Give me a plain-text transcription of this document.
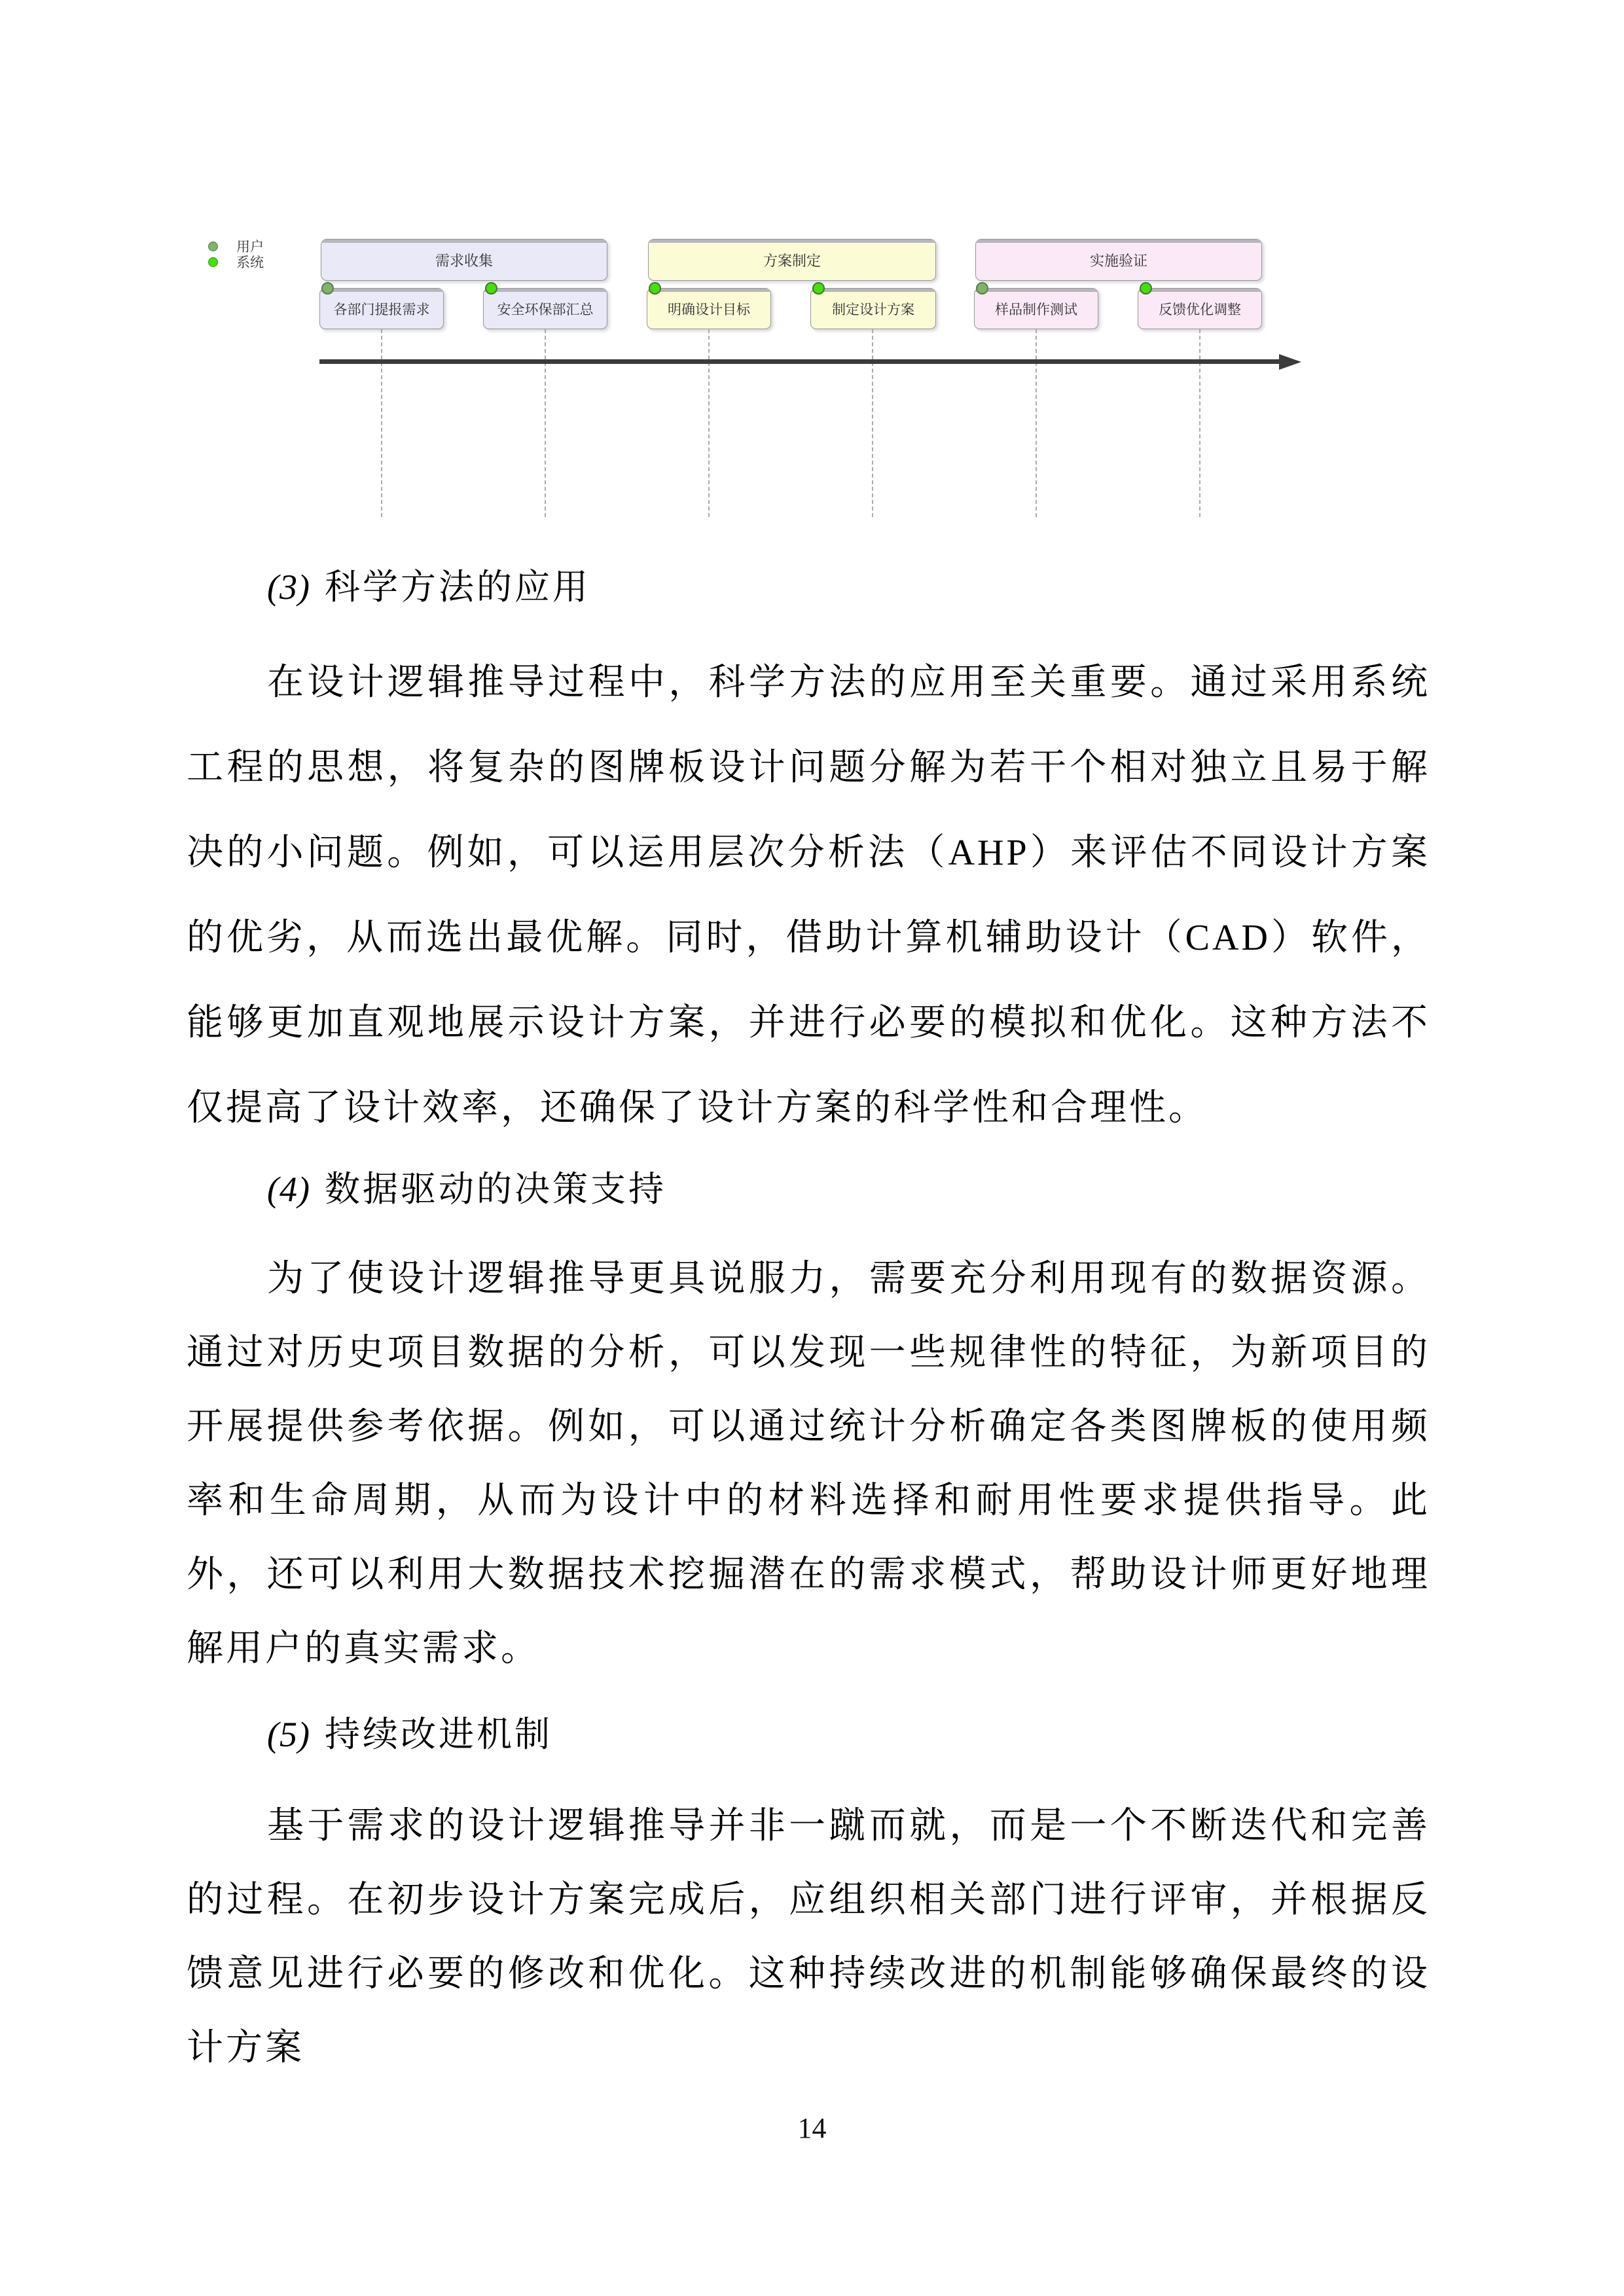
用户
系统	需求收集	方案制定	实施验证
各部门提报需求	安全环保部汇总	明确设计目标	制定设计方案	样品制作测试	反馈优化调整
(3) 科学方法的应用
在设计逻辑推导过程中，科学方法的应用至关重要。通过采用系统工程的思想，将复杂的图牌板设计问题分解为若干个相对独立且易于解决的小问题。例如，可以运用层次分析法（AHP）来评估不同设计方案的优劣，从而选出最优解。同时，借助计算机辅助设计（CAD）软件，能够更加直观地展示设计方案，并进行必要的模拟和优化。这种方法不仅提高了设计效率，还确保了设计方案的科学性和合理性。
(4) 数据驱动的决策支持
为了使设计逻辑推导更具说服力，需要充分利用现有的数据资源。通过对历史项目数据的分析，可以发现一些规律性的特征，为新项目的开展提供参考依据。例如，可以通过统计分析确定各类图牌板的使用频率和生命周期，从而为设计中的材料选择和耐用性要求提供指导。此外，还可以利用大数据技术挖掘潜在的需求模式，帮助设计师更好地理解用户的真实需求。
(5) 持续改进机制
基于需求的设计逻辑推导并非一蹴而就，而是一个不断迭代和完善的过程。在初步设计方案完成后，应组织相关部门进行评审，并根据反馈意见进行必要的修改和优化。这种持续改进的机制能够确保最终的设计方案
14
